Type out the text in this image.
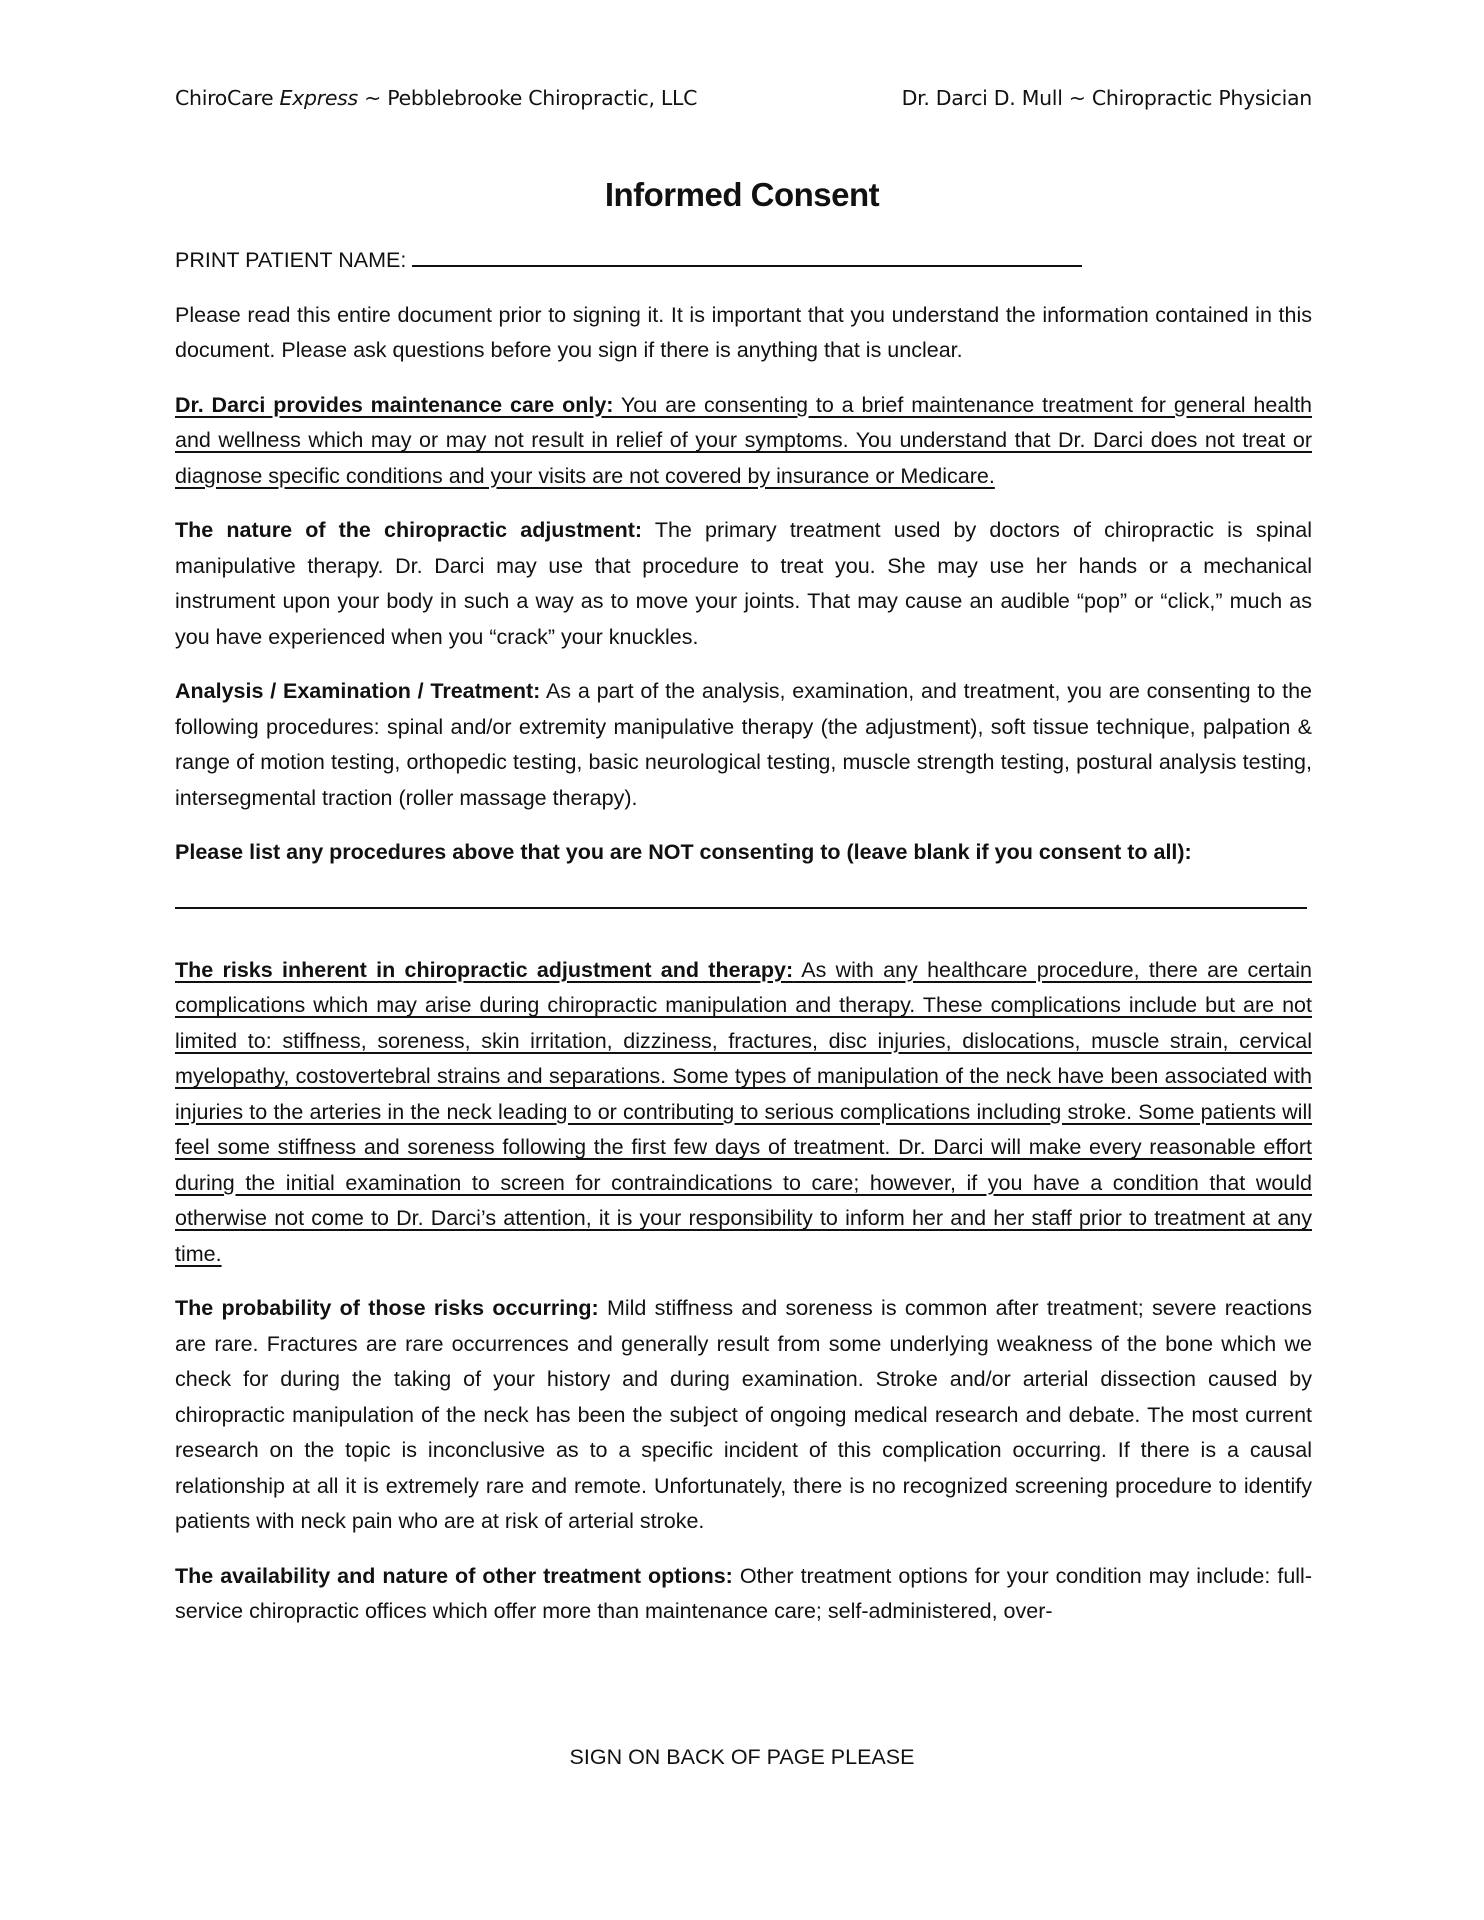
ChiroCare Express ~ Pebblebrooke Chiropractic, LLC	Dr. Darci D. Mull ~ Chiropractic Physician
Informed Consent
PRINT PATIENT NAME:

Please read this entire document prior to signing it. It is important that you understand the information contained in this document. Please ask questions before you sign if there is anything that is unclear.

Dr. Darci provides maintenance care only: You are consenting to a brief maintenance treatment for general health and wellness which may or may not result in relief of your symptoms. You understand that Dr. Darci does not treat or diagnose specific conditions and your visits are not covered by insurance or Medicare.

The nature of the chiropractic adjustment: The primary treatment used by doctors of chiropractic is spinal manipulative therapy. Dr. Darci may use that procedure to treat you. She may use her hands or a mechanical instrument upon your body in such a way as to move your joints. That may cause an audible “pop” or “click,” much as you have experienced when you “crack” your knuckles.

Analysis / Examination / Treatment: As a part of the analysis, examination, and treatment, you are consenting to the following procedures: spinal and/or extremity manipulative therapy (the adjustment), soft tissue technique, palpation & range of motion testing, orthopedic testing, basic neurological testing, muscle strength testing, postural analysis testing, intersegmental traction (roller massage therapy).

Please list any procedures above that you are NOT consenting to (leave blank if you consent to all):

The risks inherent in chiropractic adjustment and therapy: As with any healthcare procedure, there are certain complications which may arise during chiropractic manipulation and therapy. These complications include but are not limited to: stiffness, soreness, skin irritation, dizziness, fractures, disc injuries, dislocations, muscle strain, cervical myelopathy, costovertebral strains and separations. Some types of manipulation of the neck have been associated with injuries to the arteries in the neck leading to or contributing to serious complications including stroke. Some patients will feel some stiffness and soreness following the first few days of treatment. Dr. Darci will make every reasonable effort during the initial examination to screen for contraindications to care; however, if you have a condition that would otherwise not come to Dr. Darci’s attention, it is your responsibility to inform her and her staff prior to treatment at any time.

The probability of those risks occurring: Mild stiffness and soreness is common after treatment; severe reactions are rare. Fractures are rare occurrences and generally result from some underlying weakness of the bone which we check for during the taking of your history and during examination. Stroke and/or arterial dissection caused by chiropractic manipulation of the neck has been the subject of ongoing medical research and debate. The most current research on the topic is inconclusive as to a specific incident of this complication occurring. If there is a causal relationship at all it is extremely rare and remote. Unfortunately, there is no recognized screening procedure to identify patients with neck pain who are at risk of arterial stroke.

The availability and nature of other treatment options: Other treatment options for your condition may include: full-service chiropractic offices which offer more than maintenance care; self-administered, over-

SIGN ON BACK OF PAGE PLEASE
